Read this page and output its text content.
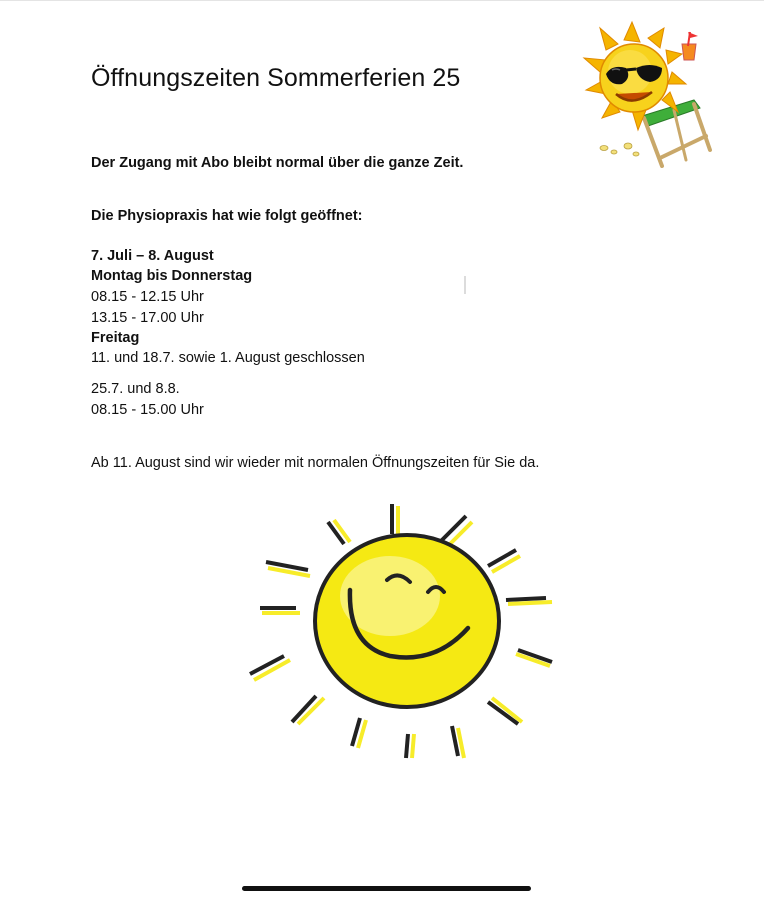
Öffnungszeiten Sommerferien 25
Der Zugang mit Abo bleibt normal über die ganze Zeit.
Die Physiopraxis hat wie folgt geöffnet:
7. Juli – 8. August
Montag bis Donnerstag
08.15 - 12.15 Uhr
13.15 - 17.00 Uhr
Freitag
11. und 18.7. sowie 1. August geschlossen
25.7. und 8.8.
08.15 - 15.00 Uhr
Ab 11. August sind wir wieder mit normalen Öffnungszeiten für Sie da.
